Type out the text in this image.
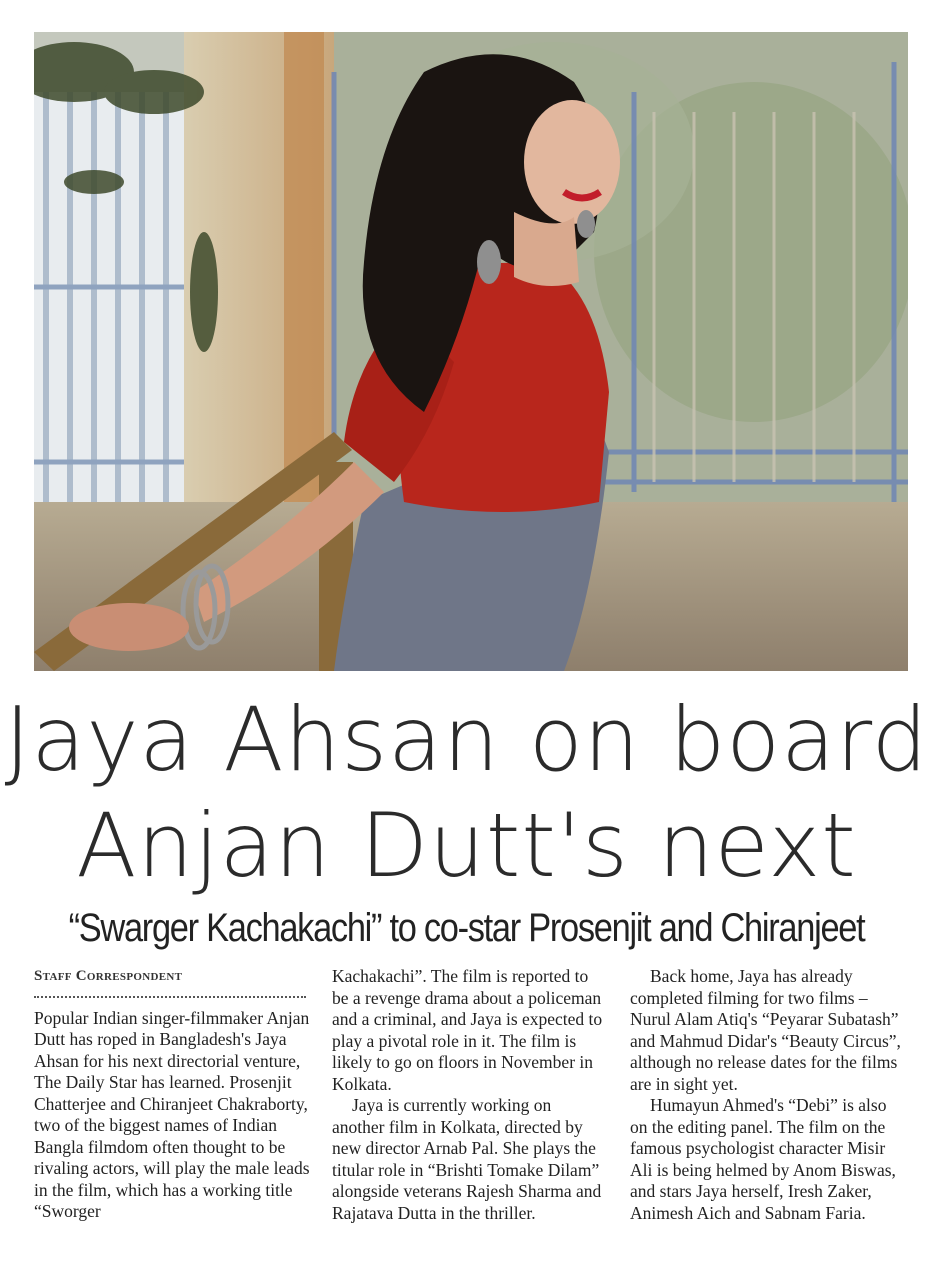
Jaya Ahsan on board
Anjan Dutt's next
“Swarger Kachakachi” to co-star Prosenjit and Chiranjeet
Staff Correspondent

Popular Indian singer-filmmaker Anjan Dutt has roped in Bangladesh's Jaya Ahsan for his next directorial venture, The Daily Star has learned. Prosenjit Chatterjee and Chiranjeet Chakraborty, two of the biggest names of Indian Bangla filmdom often thought to be rivaling actors, will play the male leads in the film, which has a working title “Sworger

Kachakachi”. The film is reported to be a revenge drama about a policeman and a criminal, and Jaya is expected to play a pivotal role in it. The film is likely to go on floors in November in Kolkata.

Jaya is currently working on another film in Kolkata, directed by new director Arnab Pal. She plays the titular role in “Brishti Tomake Dilam” alongside veterans Rajesh Sharma and Rajatava Dutta in the thriller.

Back home, Jaya has already completed filming for two films – Nurul Alam Atiq's “Peyarar Subatash” and Mahmud Didar's “Beauty Circus”, although no release dates for the films are in sight yet.

Humayun Ahmed's “Debi” is also on the editing panel. The film on the famous psychologist character Misir Ali is being helmed by Anom Biswas, and stars Jaya herself, Iresh Zaker, Animesh Aich and Sabnam Faria.
